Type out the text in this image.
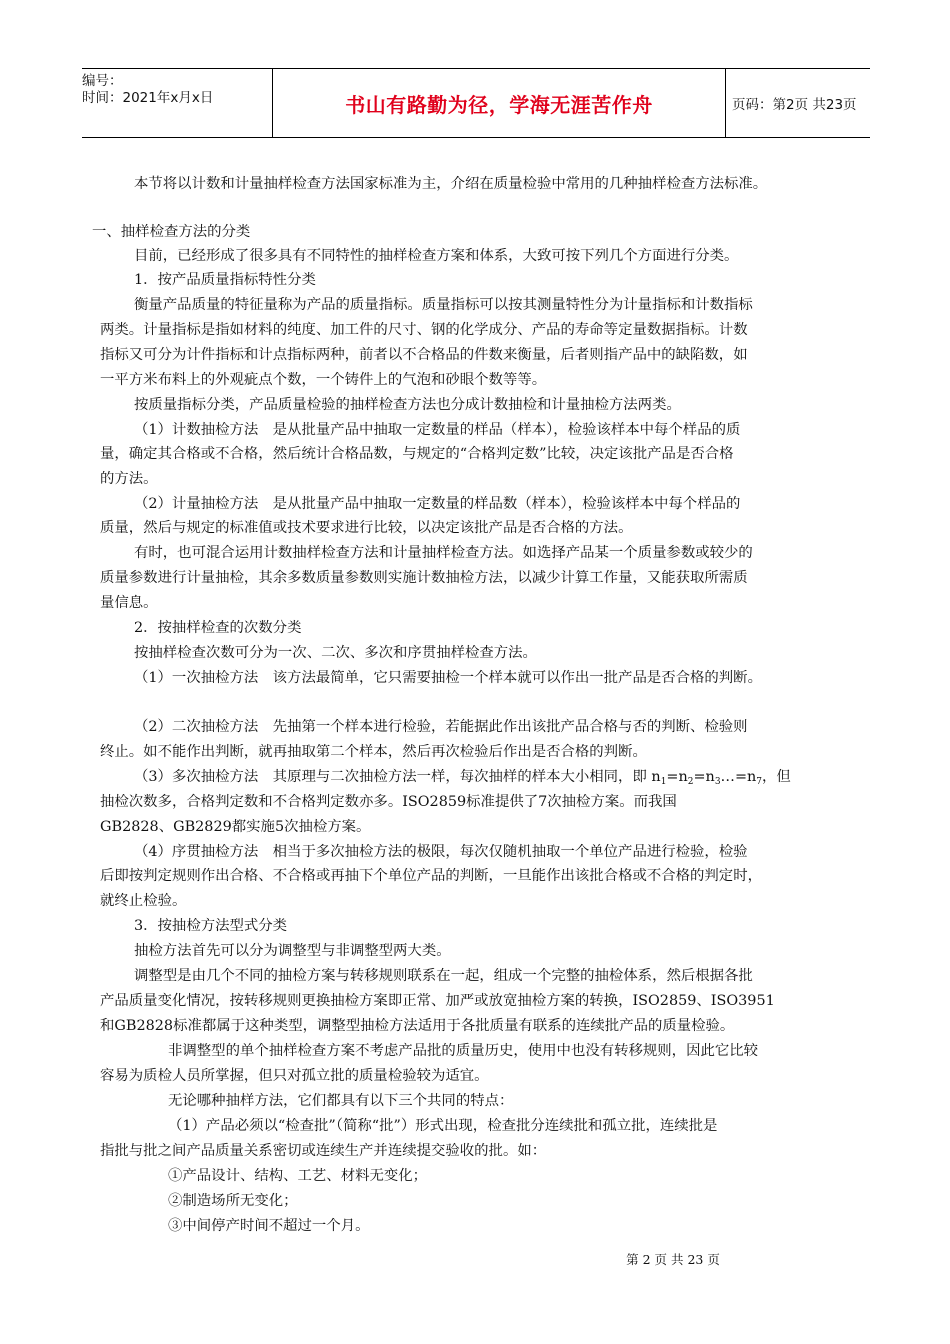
编号：
时间：2021年x月x日	书山有路勤为径，学海无涯苦作舟	页码：第2页 共23页
本节将以计数和计量抽样检查方法国家标准为主，介绍在质量检验中常用的几种抽样检查方法标准。
一、抽样检查方法的分类
目前，已经形成了很多具有不同特性的抽样检查方案和体系，大致可按下列几个方面进行分类。
1．按产品质量指标特性分类
衡量产品质量的特征量称为产品的质量指标。质量指标可以按其测量特性分为计量指标和计数指标
两类。计量指标是指如材料的纯度、加工件的尺寸、钢的化学成分、产品的寿命等定量数据指标。计数
指标又可分为计件指标和计点指标两种，前者以不合格品的件数来衡量，后者则指产品中的缺陷数，如
一平方米布料上的外观疵点个数，一个铸件上的气泡和砂眼个数等等。
按质量指标分类，产品质量检验的抽样检查方法也分成计数抽检和计量抽检方法两类。
（1）计数抽检方法　是从批量产品中抽取一定数量的样品（样本），检验该样本中每个样品的质
量，确定其合格或不合格，然后统计合格品数，与规定的“合格判定数”比较，决定该批产品是否合格
的方法。
（2）计量抽检方法　是从批量产品中抽取一定数量的样品数（样本），检验该样本中每个样品的
质量，然后与规定的标准值或技术要求进行比较，以决定该批产品是否合格的方法。
有时，也可混合运用计数抽样检查方法和计量抽样检查方法。如选择产品某一个质量参数或较少的
质量参数进行计量抽检，其余多数质量参数则实施计数抽检方法，以减少计算工作量，又能获取所需质
量信息。
2．按抽样检查的次数分类
按抽样检查次数可分为一次、二次、多次和序贯抽样检查方法。
（1）一次抽检方法　该方法最简单，它只需要抽检一个样本就可以作出一批产品是否合格的判断。
（2）二次抽检方法　先抽第一个样本进行检验，若能据此作出该批产品合格与否的判断、检验则
终止。如不能作出判断，就再抽取第二个样本，然后再次检验后作出是否合格的判断。
（3）多次抽检方法　其原理与二次抽检方法一样，每次抽样的样本大小相同，即 $n_1=n_2=n_3\dots=n_7$，但
抽检次数多，合格判定数和不合格判定数亦多。ISO2859标准提供了7次抽检方案。而我国
GB2828、GB2829都实施5次抽检方案。
（4）序贯抽检方法　相当于多次抽检方法的极限，每次仅随机抽取一个单位产品进行检验，检验
后即按判定规则作出合格、不合格或再抽下个单位产品的判断，一旦能作出该批合格或不合格的判定时，
就终止检验。
3．按抽检方法型式分类
抽检方法首先可以分为调整型与非调整型两大类。
调整型是由几个不同的抽检方案与转移规则联系在一起，组成一个完整的抽检体系，然后根据各批
产品质量变化情况，按转移规则更换抽检方案即正常、加严或放宽抽检方案的转换，ISO2859、ISO3951
和GB2828标准都属于这种类型，调整型抽检方法适用于各批质量有联系的连续批产品的质量检验。
非调整型的单个抽样检查方案不考虑产品批的质量历史，使用中也没有转移规则，因此它比较
容易为质检人员所掌握，但只对孤立批的质量检验较为适宜。
无论哪种抽样方法，它们都具有以下三个共同的特点：
（1）产品必须以“检查批”（简称“批”）形式出现，检查批分连续批和孤立批，连续批是
指批与批之间产品质量关系密切或连续生产并连续提交验收的批。如：
①产品设计、结构、工艺、材料无变化；
②制造场所无变化；
③中间停产时间不超过一个月。
第 2 页 共 23 页
